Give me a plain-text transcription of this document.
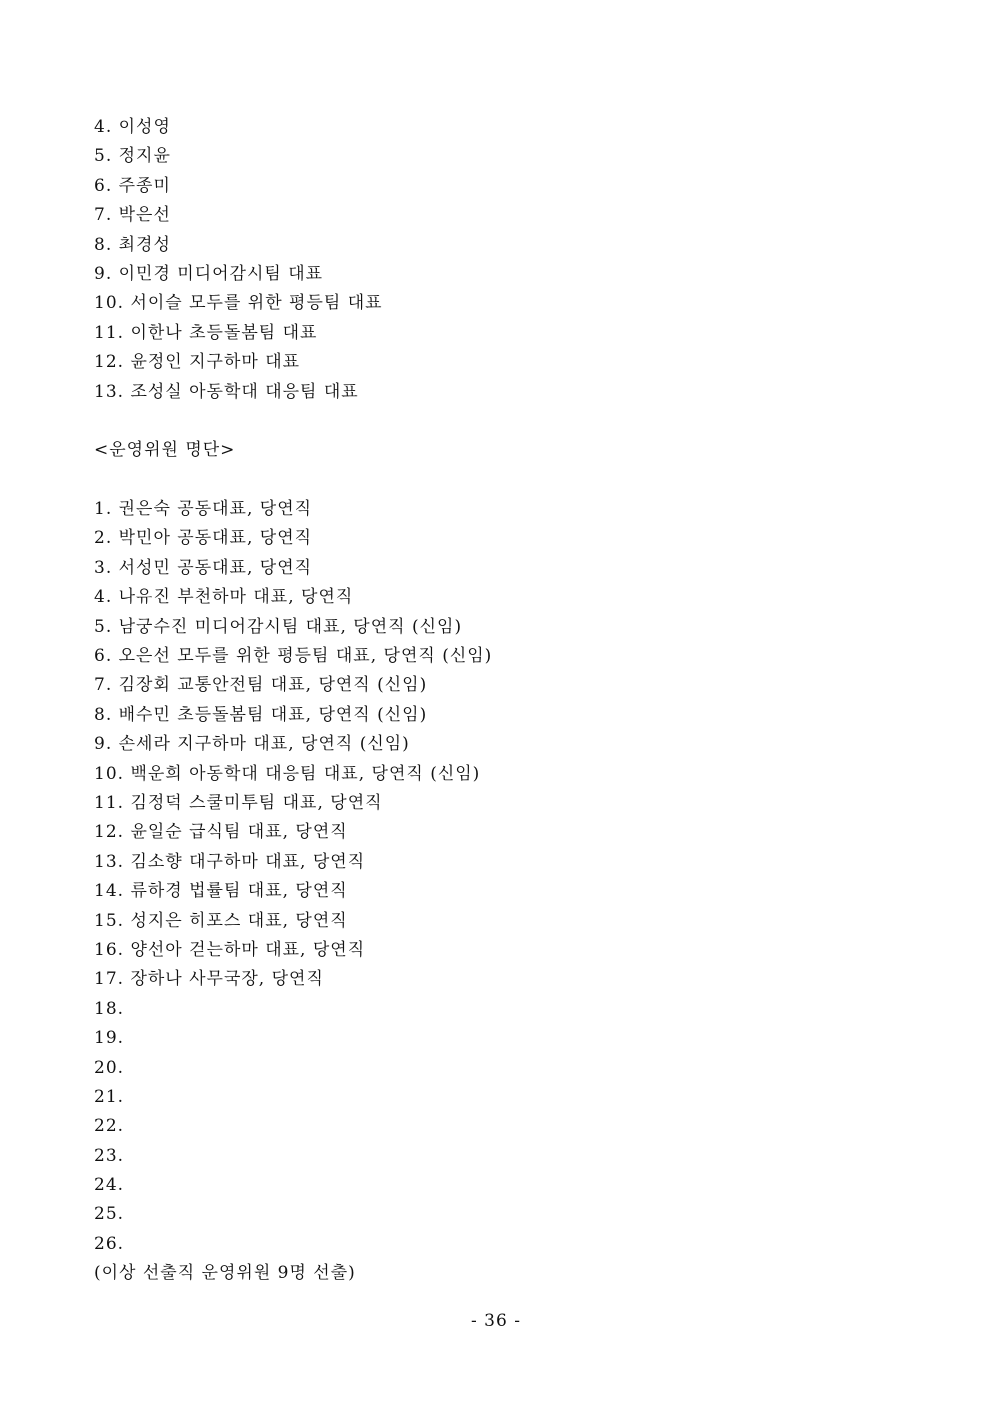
4. 이성영
5. 정지윤
6. 주종미
7. 박은선
8. 최경성
9. 이민경 미디어감시팀 대표
10. 서이슬 모두를 위한 평등팀 대표
11. 이한나 초등돌봄팀 대표
12. 윤정인 지구하마 대표
13. 조성실 아동학대 대응팀 대표
<운영위원 명단>
1. 권은숙 공동대표, 당연직
2. 박민아 공동대표, 당연직
3. 서성민 공동대표, 당연직
4. 나유진 부천하마 대표, 당연직
5. 남궁수진 미디어감시팀 대표, 당연직 (신임)
6. 오은선 모두를 위한 평등팀 대표, 당연직 (신임)
7. 김장회 교통안전팀 대표, 당연직 (신임)
8. 배수민 초등돌봄팀 대표, 당연직 (신임)
9. 손세라 지구하마 대표, 당연직 (신임)
10. 백운희 아동학대 대응팀 대표, 당연직 (신임)
11. 김정덕 스쿨미투팀 대표, 당연직
12. 윤일순 급식팀 대표, 당연직
13. 김소향 대구하마 대표, 당연직
14. 류하경 법률팀 대표, 당연직
15. 성지은 히포스 대표, 당연직
16. 양선아 걷는하마 대표, 당연직
17. 장하나 사무국장, 당연직
18.
19.
20.
21.
22.
23.
24.
25.
26.
(이상 선출직 운영위원 9명 선출)
- 36 -
